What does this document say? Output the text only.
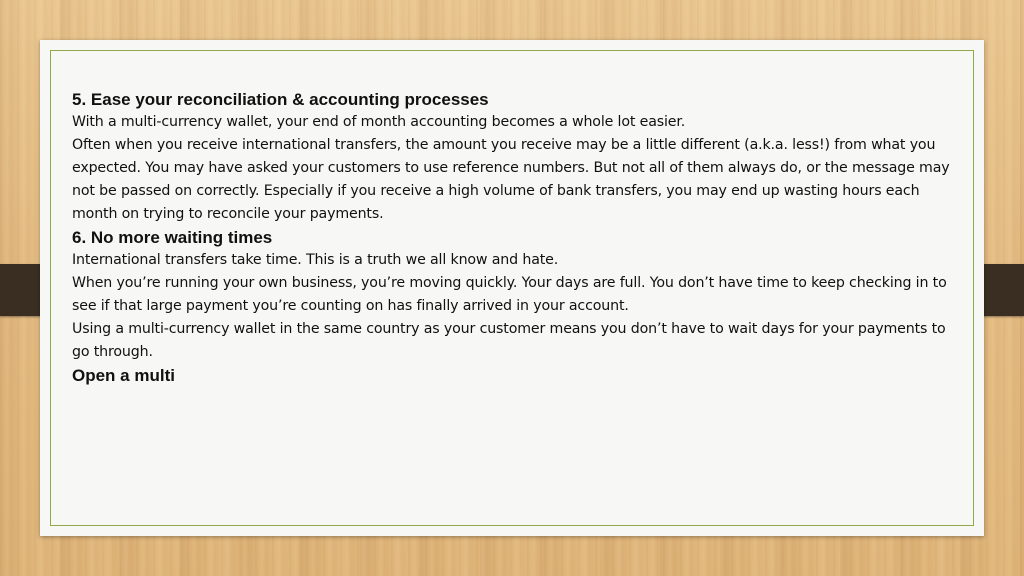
5. Ease your reconciliation & accounting processes

With a multi-currency wallet, your end of month accounting becomes a whole lot easier.

Often when you receive international transfers, the amount you receive may be a little different (a.k.a. less!) from what you expected. You may have asked your customers to use reference numbers. But not all of them always do, or the message may not be passed on correctly. Especially if you receive a high volume of bank transfers, you may end up wasting hours each month on trying to reconcile your payments.

6. No more waiting times

International transfers take time. This is a truth we all know and hate.

When you’re running your own business, you’re moving quickly. Your days are full. You don’t have time to keep checking in to see if that large payment you’re counting on has finally arrived in your account.

Using a multi-currency wallet in the same country as your customer means you don’t have to wait days for your payments to go through.

Open a multi
